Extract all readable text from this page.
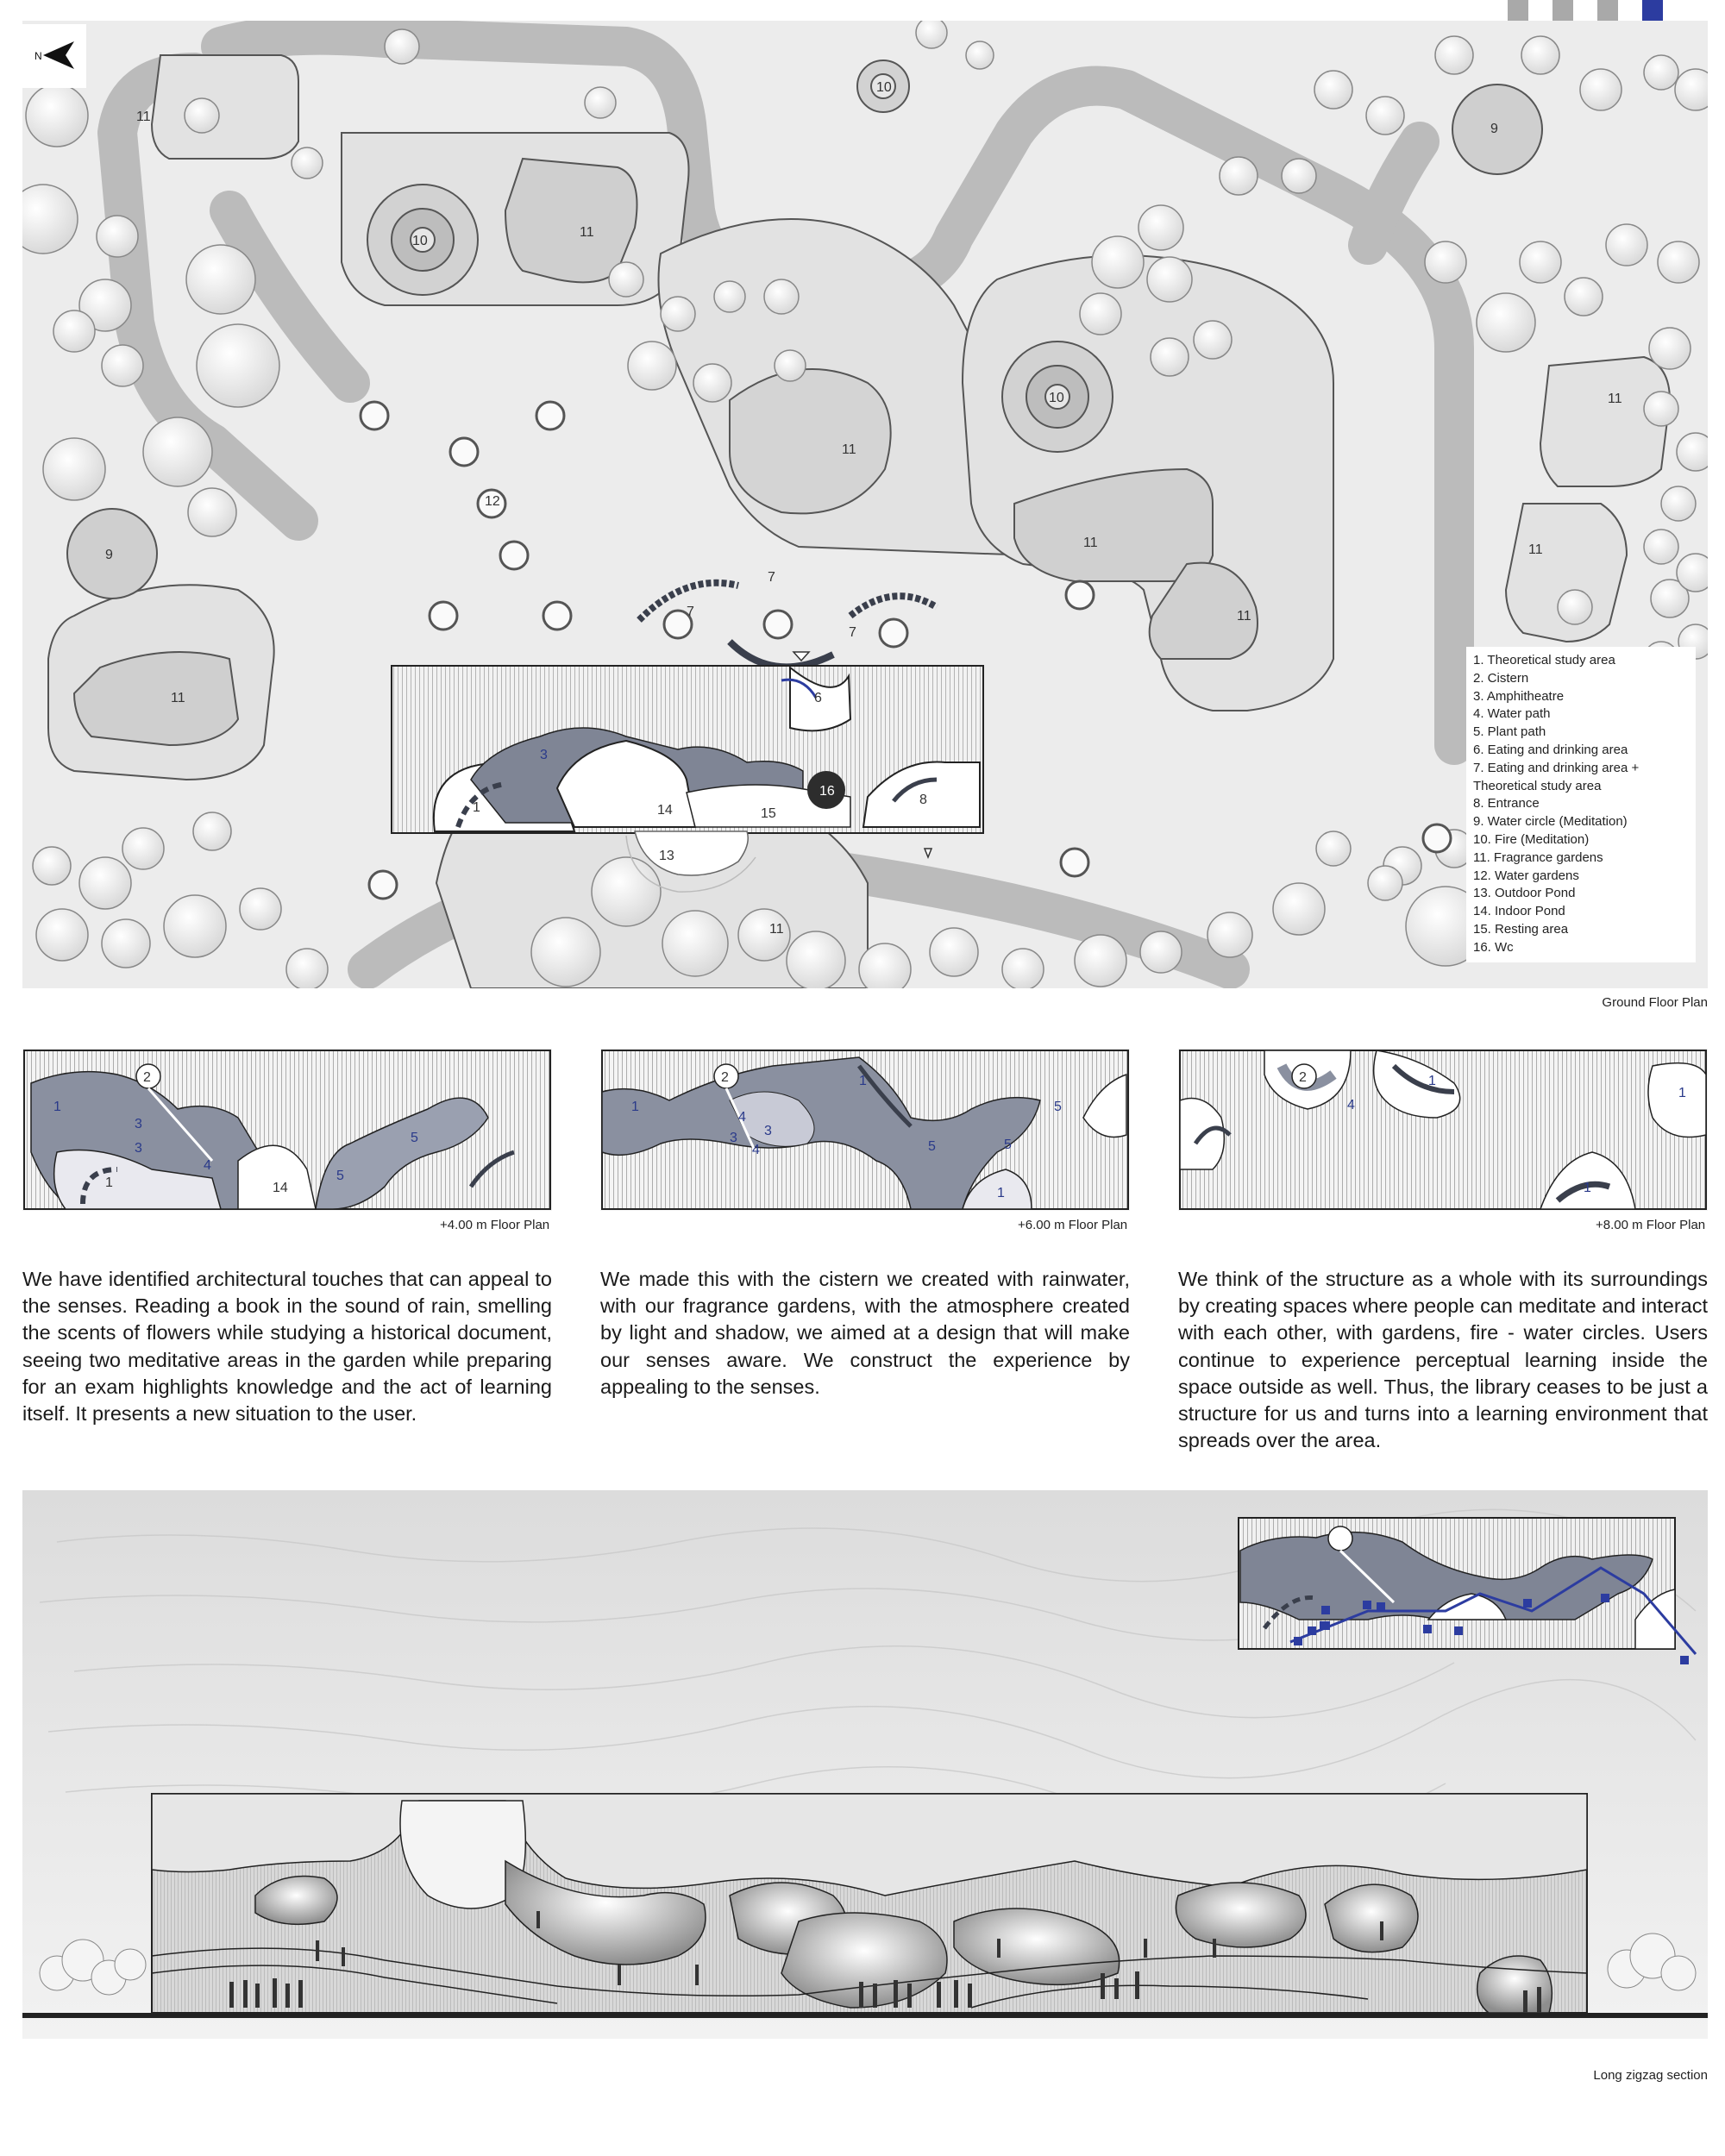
11
11
10
10
10
9
9
11
11
11
11
11
11
11
12
7
7
7
6
8
1	14	15
13
16
3
N
1. Theoretical study area
2. Cistern
3. Amphitheatre
4. Water path
5. Plant path
6. Eating and drinking area
7. Eating and drinking area +
Theoretical study area
8. Entrance
9. Water circle (Meditation)
10. Fire (Meditation)
11. Fragrance gardens
12. Water gardens
13. Outdoor Pond
14. Indoor Pond
15. Resting area
16. Wc
Ground Floor Plan
2
1
3
3
4
5
5
1	14
2
1
1
4
3
3
4	5	5
5
1
2
4
1
1
1
+4.00 m Floor Plan	+6.00 m Floor Plan	+8.00 m Floor Plan

We have identified architectural touches that can appeal to the senses. Reading a book in the sound of rain, smelling the scents of flowers while studying a historical document, seeing two meditative areas in the garden while preparing for an exam highlights knowledge and the act of learning itself. It presents a new situation to the user.

We made this with the cistern we created with rainwater, with our fragrance gardens, with the atmosphere created by light and shadow, we aimed at a design that will make our senses aware. We construct the experience by appealing to the senses.

We think of the structure as a whole with its surroundings by creating spaces where people can meditate and interact with each other, with gardens, fire - water circles. Users continue to experience perceptual learning inside the space outside as well. Thus, the library ceases to be just a structure for us and turns into a learning environment that spreads over the area.

Long zigzag section
